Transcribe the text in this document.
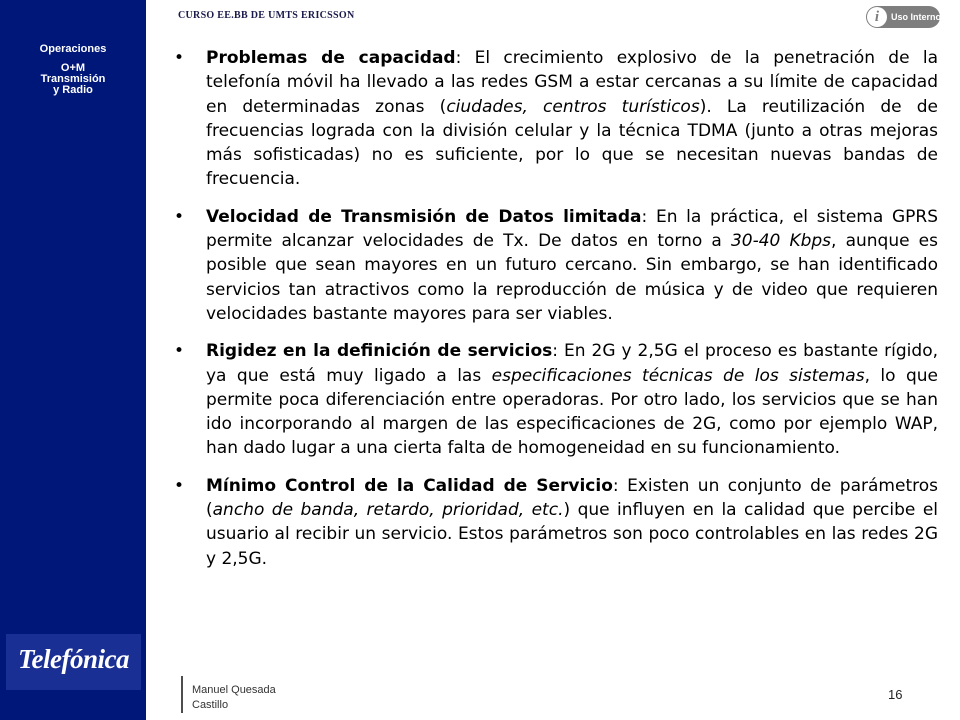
Operaciones
O+M
Transmisión
y Radio
Telefónica
CURSO EE.BB DE UMTS ERICSSON	i	Uso Interno
• Problemas de capacidad: El crecimiento explosivo de la penetración de la telefonía móvil ha llevado a las redes GSM a estar cercanas a su límite de capacidad en determinadas zonas (ciudades, centros turísticos). La reutilización de de frecuencias lograda con la división celular y la técnica TDMA (junto a otras mejoras más sofisticadas) no es suficiente, por lo que se necesitan nuevas bandas de frecuencia.
• Velocidad de Transmisión de Datos limitada: En la práctica, el sistema GPRS permite alcanzar velocidades de Tx. De datos en torno a 30-40 Kbps, aunque es posible que sean mayores en un futuro cercano. Sin embargo, se han identificado servicios tan atractivos como la reproducción de música y de video que requieren velocidades bastante mayores para ser viables.
• Rigidez en la definición de servicios: En 2G y 2,5G el proceso es bastante rígido, ya que está muy ligado a las especificaciones técnicas de los sistemas, lo que permite poca diferenciación entre operadoras. Por otro lado, los servicios que se han ido incorporando al margen de las especificaciones de 2G, como por ejemplo WAP, han dado lugar a una cierta falta de homogeneidad en su funcionamiento.
• Mínimo Control de la Calidad de Servicio: Existen un conjunto de parámetros (ancho de banda, retardo, prioridad, etc.) que influyen en la calidad que percibe el usuario al recibir un servicio. Estos parámetros son poco controlables en las redes 2G y 2,5G.
Manuel Quesada
Castillo
16
